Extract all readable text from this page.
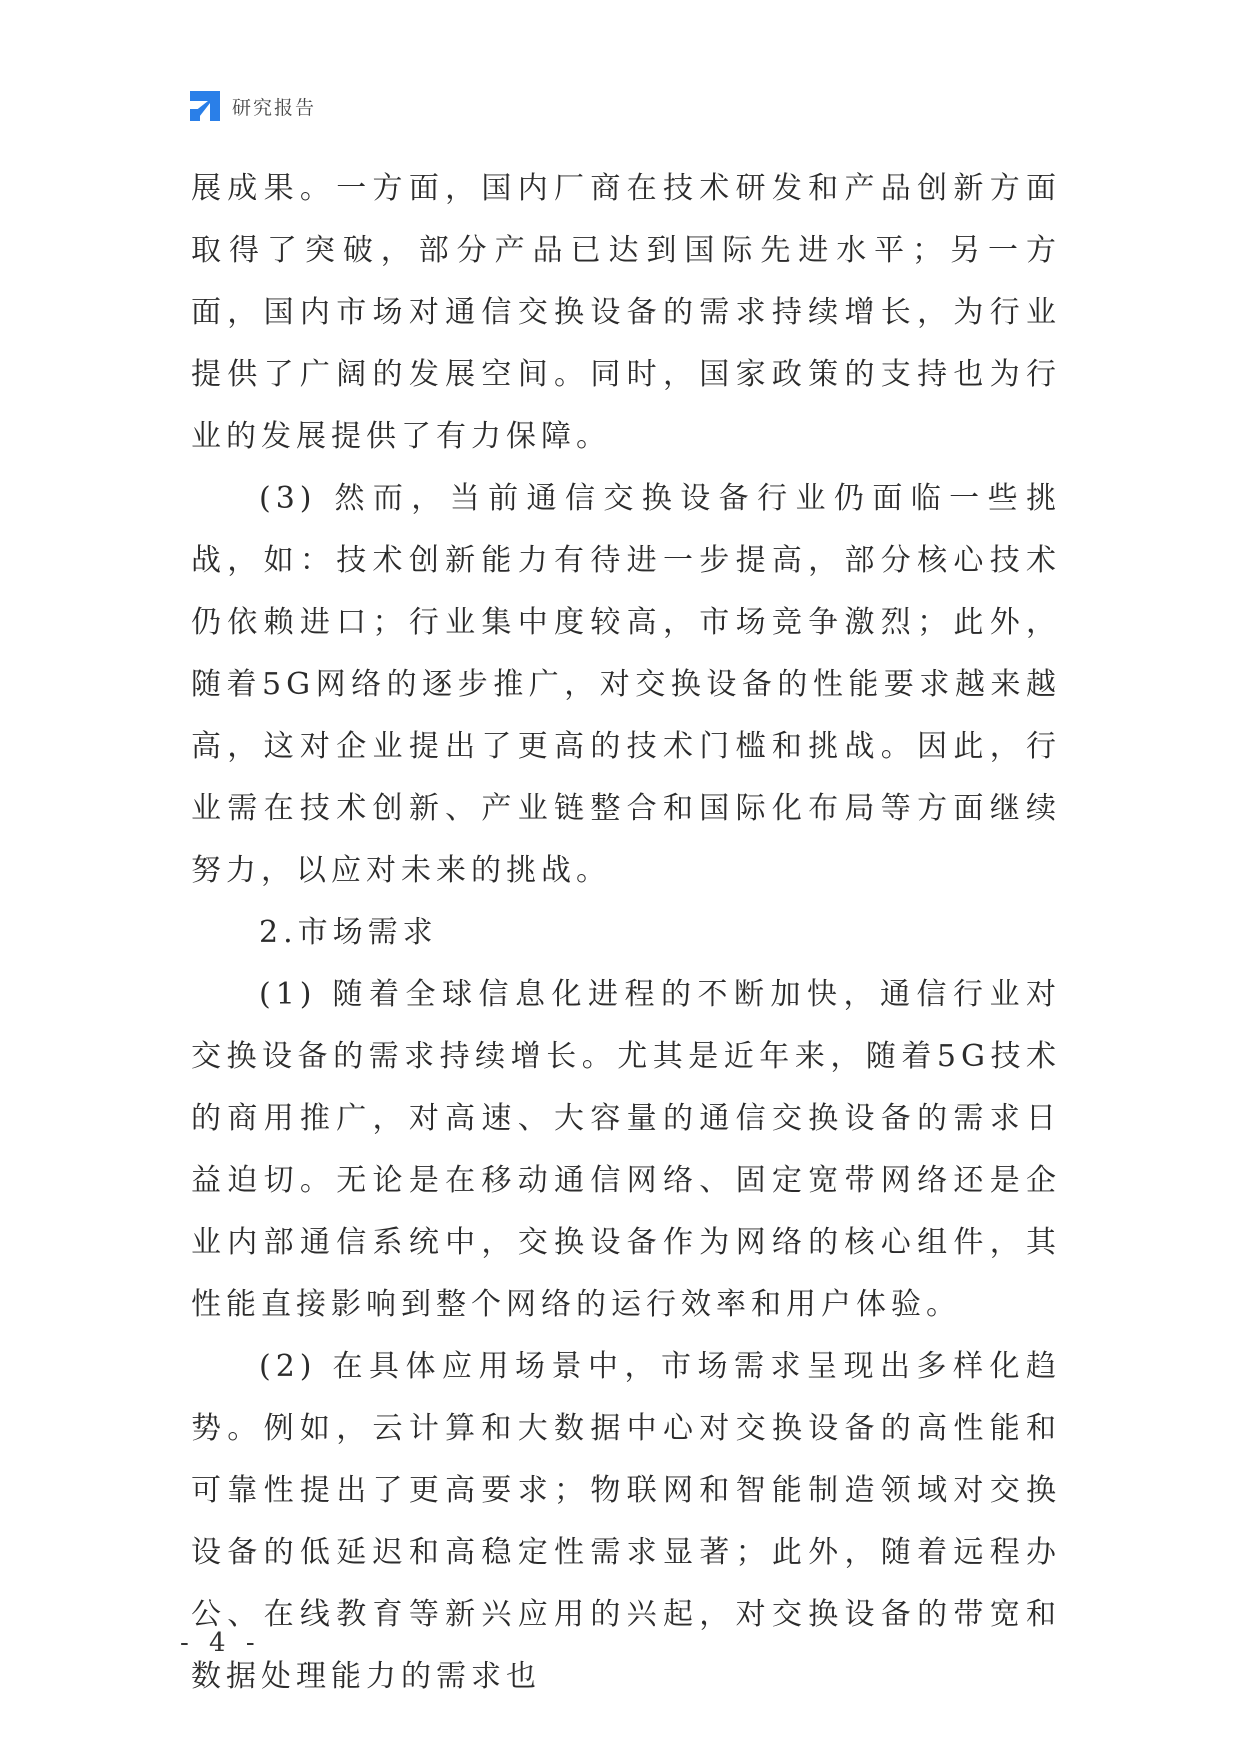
研究报告

展成果。一方面，国内厂商在技术研发和产品创新方面取得了突破，部分产品已达到国际先进水平；另一方面，国内市场对通信交换设备的需求持续增长，为行业提供了广阔的发展空间。同时，国家政策的支持也为行业的发展提供了有力保障。

(3) 然而，当前通信交换设备行业仍面临一些挑战，如：技术创新能力有待进一步提高，部分核心技术仍依赖进口；行业集中度较高，市场竞争激烈；此外，随着5G网络的逐步推广，对交换设备的性能要求越来越高，这对企业提出了更高的技术门槛和挑战。因此，行业需在技术创新、产业链整合和国际化布局等方面继续努力，以应对未来的挑战。

2.市场需求

(1) 随着全球信息化进程的不断加快，通信行业对交换设备的需求持续增长。尤其是近年来，随着5G技术的商用推广，对高速、大容量的通信交换设备的需求日益迫切。无论是在移动通信网络、固定宽带网络还是企业内部通信系统中，交换设备作为网络的核心组件，其性能直接影响到整个网络的运行效率和用户体验。

(2) 在具体应用场景中，市场需求呈现出多样化趋势。例如，云计算和大数据中心对交换设备的高性能和可靠性提出了更高要求；物联网和智能制造领域对交换设备的低延迟和高稳定性需求显著；此外，随着远程办公、在线教育等新兴应用的兴起，对交换设备的带宽和数据处理能力的需求也

- 4 -
